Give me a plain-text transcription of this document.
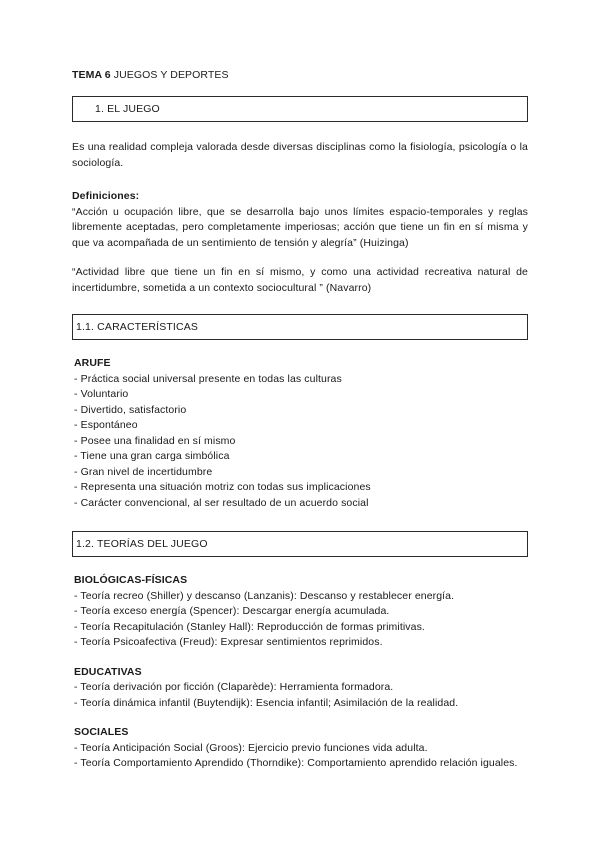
TEMA 6 JUEGOS Y DEPORTES

1. EL JUEGO

Es una realidad compleja valorada desde diversas disciplinas como la fisiología, psicología o la sociología.

Definiciones:

“Acción u ocupación libre, que se desarrolla bajo unos límites espacio-temporales y reglas libremente aceptadas, pero completamente imperiosas; acción que tiene un fin en sí misma y que va acompañada de un sentimiento de tensión y alegría” (Huizinga)

“Actividad libre que tiene un fin en sí mismo, y como una actividad recreativa natural de incertidumbre, sometida a un contexto sociocultural ” (Navarro)

1.1. CARACTERÍSTICAS

ARUFE

- Práctica social universal presente en todas las culturas
- Voluntario
- Divertido, satisfactorio
- Espontáneo
- Posee una finalidad en sí mismo
- Tiene una gran carga simbólica
- Gran nivel de incertidumbre
- Representa una situación motriz con todas sus implicaciones
- Carácter convencional, al ser resultado de un acuerdo social
1.2. TEORÍAS DEL JUEGO

BIOLÓGICAS-FÍSICAS

- Teoría recreo (Shiller) y descanso (Lanzanis): Descanso y restablecer energía.
- Teoría exceso energía (Spencer): Descargar energía acumulada.
- Teoría Recapitulación (Stanley Hall): Reproducción de formas primitivas.
- Teoría Psicoafectiva (Freud): Expresar sentimientos reprimidos.

EDUCATIVAS

- Teoría derivación por ficción (Claparède): Herramienta formadora.
- Teoría dinámica infantil (Buytendijk): Esencia infantil; Asimilación de la realidad.

SOCIALES

- Teoría Anticipación Social (Groos): Ejercicio previo funciones vida adulta.
- Teoría Comportamiento Aprendido (Thorndike): Comportamiento aprendido relación iguales.
